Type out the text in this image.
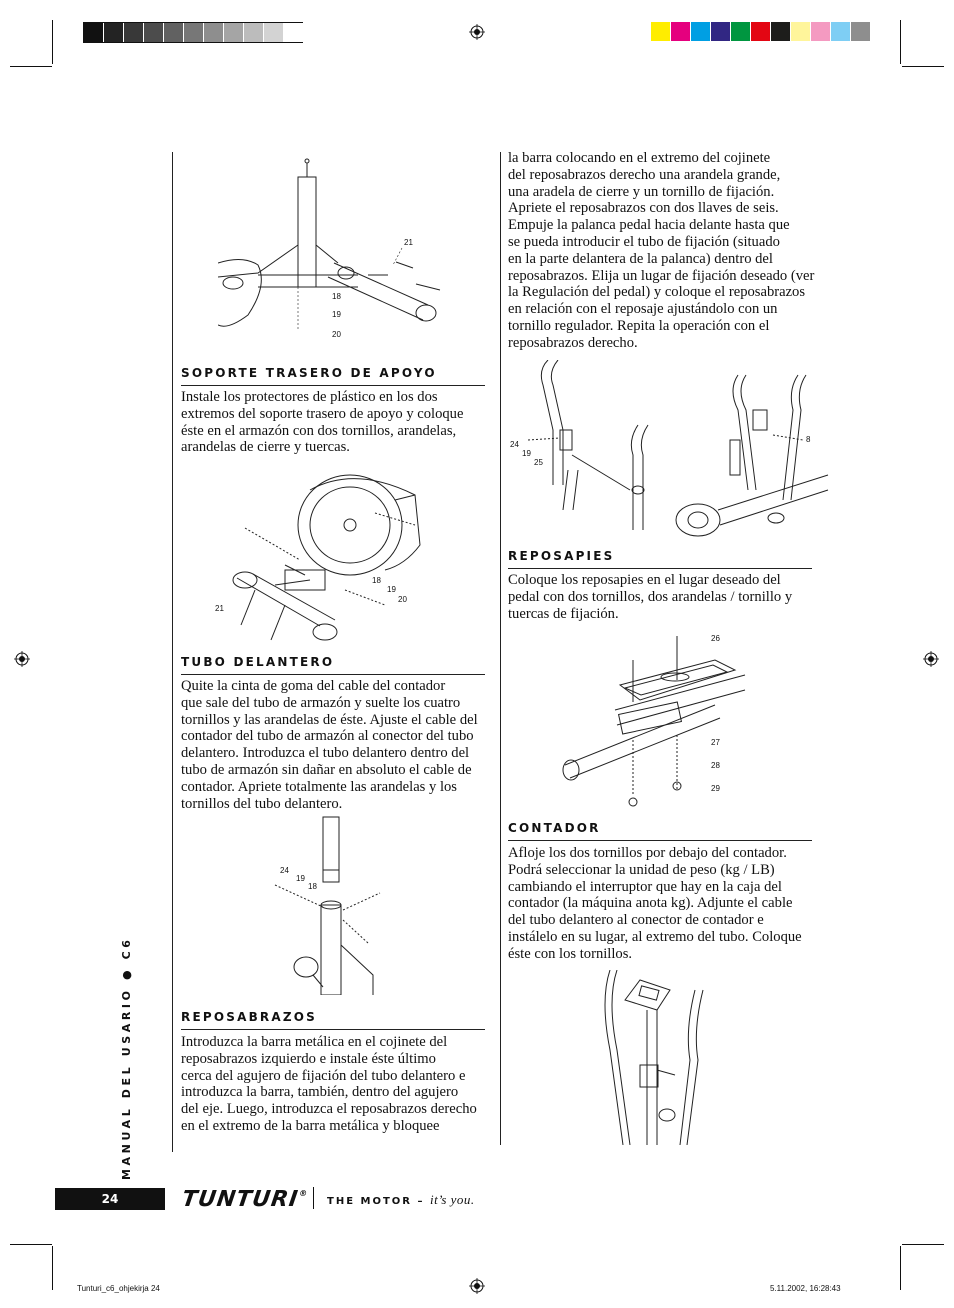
21
18
19
20
SOPORTE TRASERO DE APOYO
Instale los protectores de plástico en los dos
extremos del soporte trasero de apoyo y coloque
éste en el armazón con dos tornillos, arandelas,
arandelas de cierre y tuercas.
18
19
20
21
TUBO DELANTERO
Quite la cinta de goma del cable del contador
que sale del tubo de armazón y suelte los cuatro
tornillos y las arandelas de éste. Ajuste el cable del
contador del tubo de armazón al conector del tubo
delantero. Introduzca el tubo delantero dentro del
tubo de armazón sin dañar en absoluto el cable de
contador. Apriete totalmente las arandelas y los
tornillos del tubo delantero.
24
19
18
REPOSABRAZOS
Introduzca la barra metálica en el cojinete del
reposabrazos izquierdo e instale éste último
cerca del agujero de fijación del tubo delantero e
introduzca la barra, también, dentro del agujero
del eje. Luego, introduzca el reposabrazos derecho
en el extremo de la barra metálica y bloquee
la barra colocando en el extremo del cojinete
del reposabrazos derecho una arandela grande,
una aradela de cierre y un tornillo de fijación.
Apriete el reposabrazos con dos llaves de seis.
Empuje la palanca pedal hacia delante hasta que
se pueda introducir el tubo de fijación (situado
en la parte delantera de la palanca) dentro del
reposabrazos. Elija un lugar de fijación deseado (ver
la Regulación del pedal) y coloque el reposabrazos
en relación con el reposaje ajustándolo con un
tornillo regulador. Repita la operación con el
reposabrazos derecho.
24
19
25
8
REPOSAPIES
Coloque los reposapies en el lugar deseado del
pedal con dos tornillos, dos arandelas / tornillo y
tuercas de fijación.
26
27
28
29
CONTADOR
Afloje los dos tornillos por debajo del contador.
Podrá seleccionar la unidad de peso (kg / LB)
cambiando el interruptor que hay en la caja del
contador (la máquina anota kg). Adjunte el cable
del tubo delantero al conector de contador e
instálelo en su lugar, al extremo del tubo. Coloque
éste con los tornillos.
MANUAL DEL USARIO ● C6
24	TUNTURI®
THE MOTOR – it’s you.
Tunturi_c6_ohjekirja 24	5.11.2002, 16:28:43
